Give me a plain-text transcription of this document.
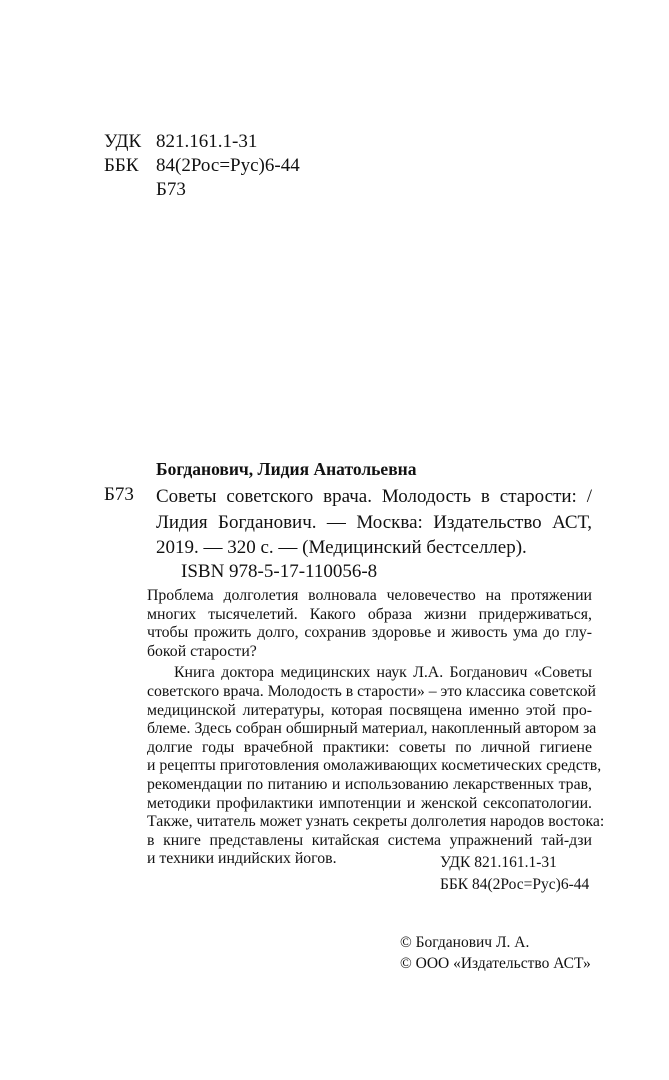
УДК 821.161.1-31
ББК 84(2Рос=Рус)6-44
Б73
Богданович, Лидия Анатольевна
Б73 Советы советского врача. Молодость в старости: /
Лидия Богданович. — Москва: Издательство АСТ,
2019. — 320 с. — (Медицинский бестселлер).
ISBN 978-5-17-110056-8
Проблема долголетия волновала человечество на протяжении
многих тысячелетий. Какого образа жизни придерживаться,
чтобы прожить долго, сохранив здоровье и живость ума до глу-
бокой старости?
Книга доктора медицинских наук Л.А. Богданович «Советы
советского врача. Молодость в старости» – это классика советской
медицинской литературы, которая посвящена именно этой про-
блеме. Здесь собран обширный материал, накопленный автором за
долгие годы врачебной практики: советы по личной гигиене
и рецепты приготовления омолаживающих косметических средств,
рекомендации по питанию и использованию лекарственных трав,
методики профилактики импотенции и женской сексопатологии.
Также, читатель может узнать секреты долголетия народов востока:
в книге представлены китайская система упражнений тай-дзи
и техники индийских йогов.	УДК 821.161.1-31
ББК 84(2Рос=Рус)6-44
© Богданович Л. А.
© ООО «Издательство АСТ»
